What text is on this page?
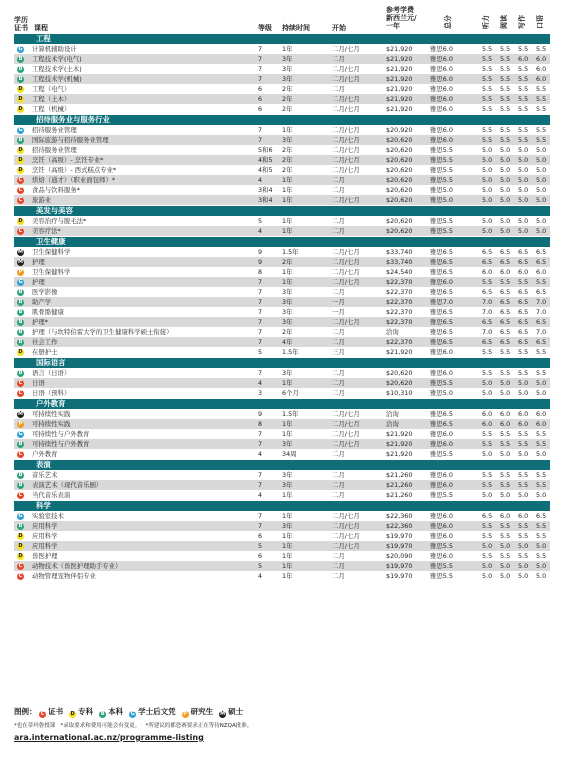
学历
证书 课程	等级 持续时间	开始
参考学费
新西兰元/
一年	总分	听力 阅读 写作 口语
工程
G 计算机辅助设计	7	1年	二月/七月	$21,920	雅思6.0	5.5 5.5 5.5 5.5
B 工程技术学(电气)	7	3年	二月	$21,920	雅思6.0	5.5 5.5 6.0 6.0
B 工程技术学(土木)	7	3年	二月/七月	$21,920	雅思6.0	5.5 5.5 5.5 6.0
B 工程技术学(机械)	7	3年	二月/七月	$21,920	雅思6.0	5.5 5.5 5.5 6.0
D 工程（电气）	6	2年	二月	$21,920	雅思6.0	5.5 5.5 5.5 5.5
D 工程（土木）	6	2年	二月/七月	$21,920	雅思6.0	5.5 5.5 5.5 5.5
D 工程（机械）	6	2年	二月/七月	$21,920	雅思6.0	5.5 5.5 5.5 5.5
招待服务业与服务行业
G 招待服务业管理	7	1年	二月/七月	$20,920	雅思6.0	5.5 5.5 5.5 5.5
B 国际旅游与招待服务业管理	7	3年	二月/七月	$20,620	雅思6.0	5.5 5.5 5.5 5.5
D 招待服务业管理	5和6 2年	二月/七月	$20,620	雅思5.5	5.0 5.0 5.0 5.0
D 烹饪（高级）- 烹饪专业*	4和5 2年	二月/七月	$20,620	雅思5.5	5.0 5.0 5.0 5.0
D 烹饪（高级）- 西式糕点专业*	4和5 2年	二月/七月	$20,620	雅思5.5	5.0 5.0 5.0 5.0
C 烘焙（通才）（职业面包师）*	4	1年	二月	$20,620	雅思5.5	5.0 5.0 5.0 5.0
C 食品与饮料服务*	3和4 1年	二月	$20,620	雅思5.0	5.0 5.0 5.0 5.0
C 旅游业	3和4 1年	二月/七月	$20,620	雅思5.0	5.0 5.0 5.0 5.0
美发与美容
D 美容治疗与脱毛法*	5	1年	二月	$20,620	雅思5.5	5.0 5.0 5.0 5.0
C 美容疗法*	4	1年	二月	$20,620	雅思5.5	5.0 5.0 5.0 5.0
卫生健康
M 卫生保健科学	9	1.5年	二月/七月	$33,740	雅思6.5	6.5 6.5 6.5 6.5
M 护理	9	2年	二月/七月	$33,740	雅思6.5	6.5 6.5 6.5 6.5
P 卫生保健科学	8	1年	二月/七月	$24,540	雅思6.5	6.0 6.0 6.0 6.0
G 护理	7	1年	二月/七月	$22,370	雅思6.0	5.5 5.5 5.5 5.5
B 医学影像	7	3年	二月	$22,370	雅思6.5	6.5 6.5 6.5 6.5
B 助产学	7	3年	一月	$22,370	雅思7.0	7.0 6.5 6.5 7.0
B 肌骨骼健康	7	3年	一月	$22,370	雅思6.5	7.0 6.5 6.5 7.0
B 护理*	7	3年	二月/七月	$22,370	雅思6.5	6.5 6.5 6.5 6.5
B 护理（与坎特伯雷大学的卫生健康科学硕士衔接）	7	2年	二月	洽询	雅思6.5	7.0 6.5 6.5 7.0
B 社会工作	7	4年	二月	$22,370	雅思6.5	6.5 6.5 6.5 6.5
D 在册护士	5	1.5年	三月	$21,920	雅思6.0	5.5 5.5 5.5 5.5
国际语言
B 语言（日语）	7	3年	二月	$20,620	雅思6.0	5.5 5.5 5.5 5.5
C 日语	4	1年	二月	$20,620	雅思5.5	5.0 5.0 5.0 5.0
C 日语（预科）	3	6个月	二月	$10,310	雅思5.0	5.0 5.0 5.0 5.0
户外教育
M 可持续性实践	9	1.5年	二月/七月	洽询	雅思6.5	6.0 6.0 6.0 6.0
P 可持续性实践	8	1年	二月/七月	洽询	雅思6.5	6.0 6.0 6.0 6.0
G 可持续性与户外教育	7	1年	二月/七月	$21,920	雅思6.0	5.5 5.5 5.5 5.5
B 可持续性与户外教育	7	3年	二月/七月	$21,920	雅思6.0	5.5 5.5 5.5 5.5
C 户外教育	4	34周	二月	$21,920	雅思5.5	5.0 5.0 5.0 5.0
表演
B 音乐艺术	7	3年	二月	$21,260	雅思6.0	5.5 5.5 5.5 5.5
B 表演艺术（现代音乐剧）	7	3年	二月	$21,260	雅思6.0	5.5 5.5 5.5 5.5
C 当代音乐表演	4	1年	二月	$21,260	雅思5.5	5.0 5.0 5.0 5.0
科学
G 实验室技术	7	1年	二月/七月	$22,360	雅思6.0	6.5 6.0 6.0 6.5
B 应用科学	7	3年	二月/七月	$22,360	雅思6.0	5.5 5.5 5.5 5.5
D 应用科学	6	1年	二月/七月	$19,970	雅思6.0	5.5 5.5 5.5 5.5
D 应用科学	5	1年	二月/七月	$19,970	雅思5.5	5.0 5.0 5.0 5.0
D 兽医护理	6	1年	二月	$20,090	雅思6.0	5.5 5.5 5.5 5.5
C 动物技术（兽医护理助手专业）	5	1年	二月	$19,970	雅思5.5	5.0 5.0 5.0 5.0
C 动物管理宠物伴侣专业	4	1年	二月	$19,970	雅思5.5	5.0 5.0 5.0 5.0
图例： C 证书 D 专科 B 本科 G 学士后文凭 P 研究生 M 硕士
*也在蒂玛鲁授课 *录取要求和费用可能会有变更。 *所建议的都恐赛要求正在等待NZQA批准。
ara.international.ac.nz/programme-listing
